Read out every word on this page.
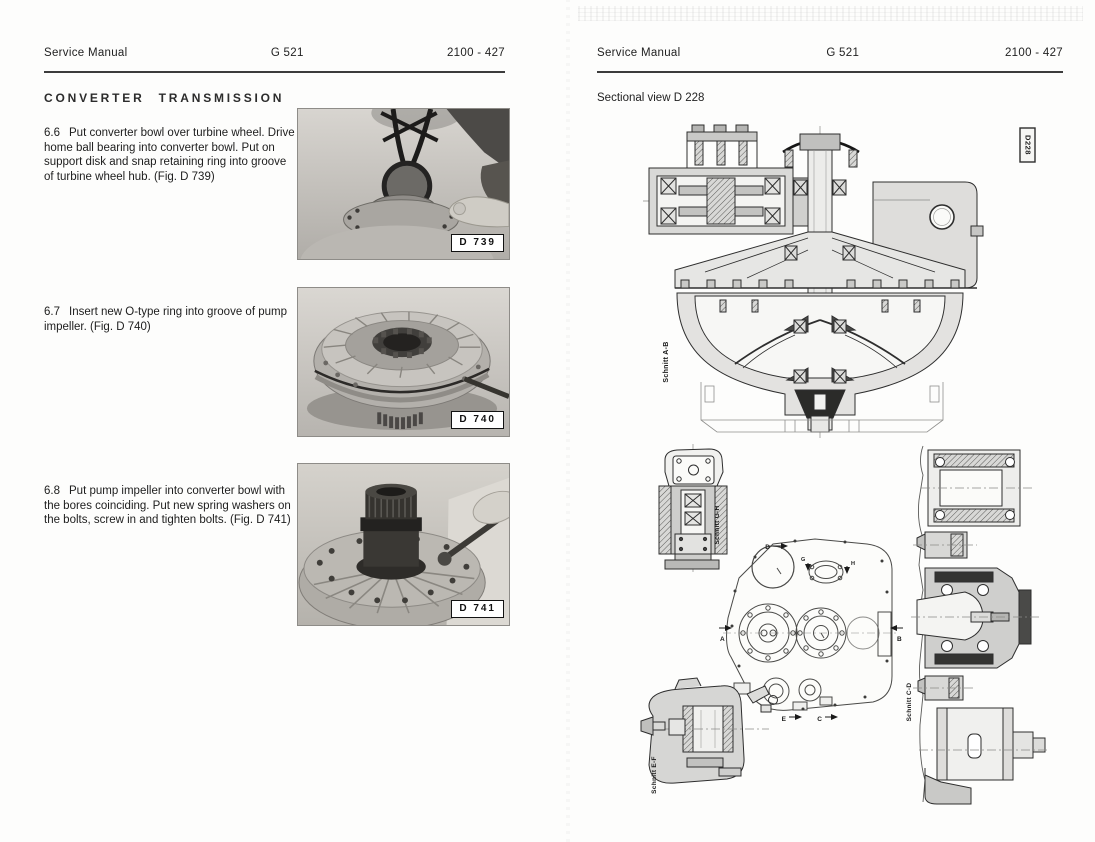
Service Manual	G 521	2100 - 427
CONVERTER TRANSMISSION

6.6 Put converter bowl over turbine wheel. Drive home ball bearing into converter bowl. Put on support disk and snap retaining ring into groove of turbine wheel hub. (Fig. D 739)

6.7 Insert new O-type ring into groove of pump impeller. (Fig. D 740)

6.8 Put pump impeller into converter bowl with the bores coinciding. Put new spring washers on the bolts, screw in and tighten bolts. (Fig. D 741)

D 739
D 740
D 741
Service Manual	G 521	2100 - 427
Sectional view D 228
D228
Schnitt A-B
Schnitt G-H
D
A	B
E	C
G
H
Schnitt C-D
Schnitt E-F
